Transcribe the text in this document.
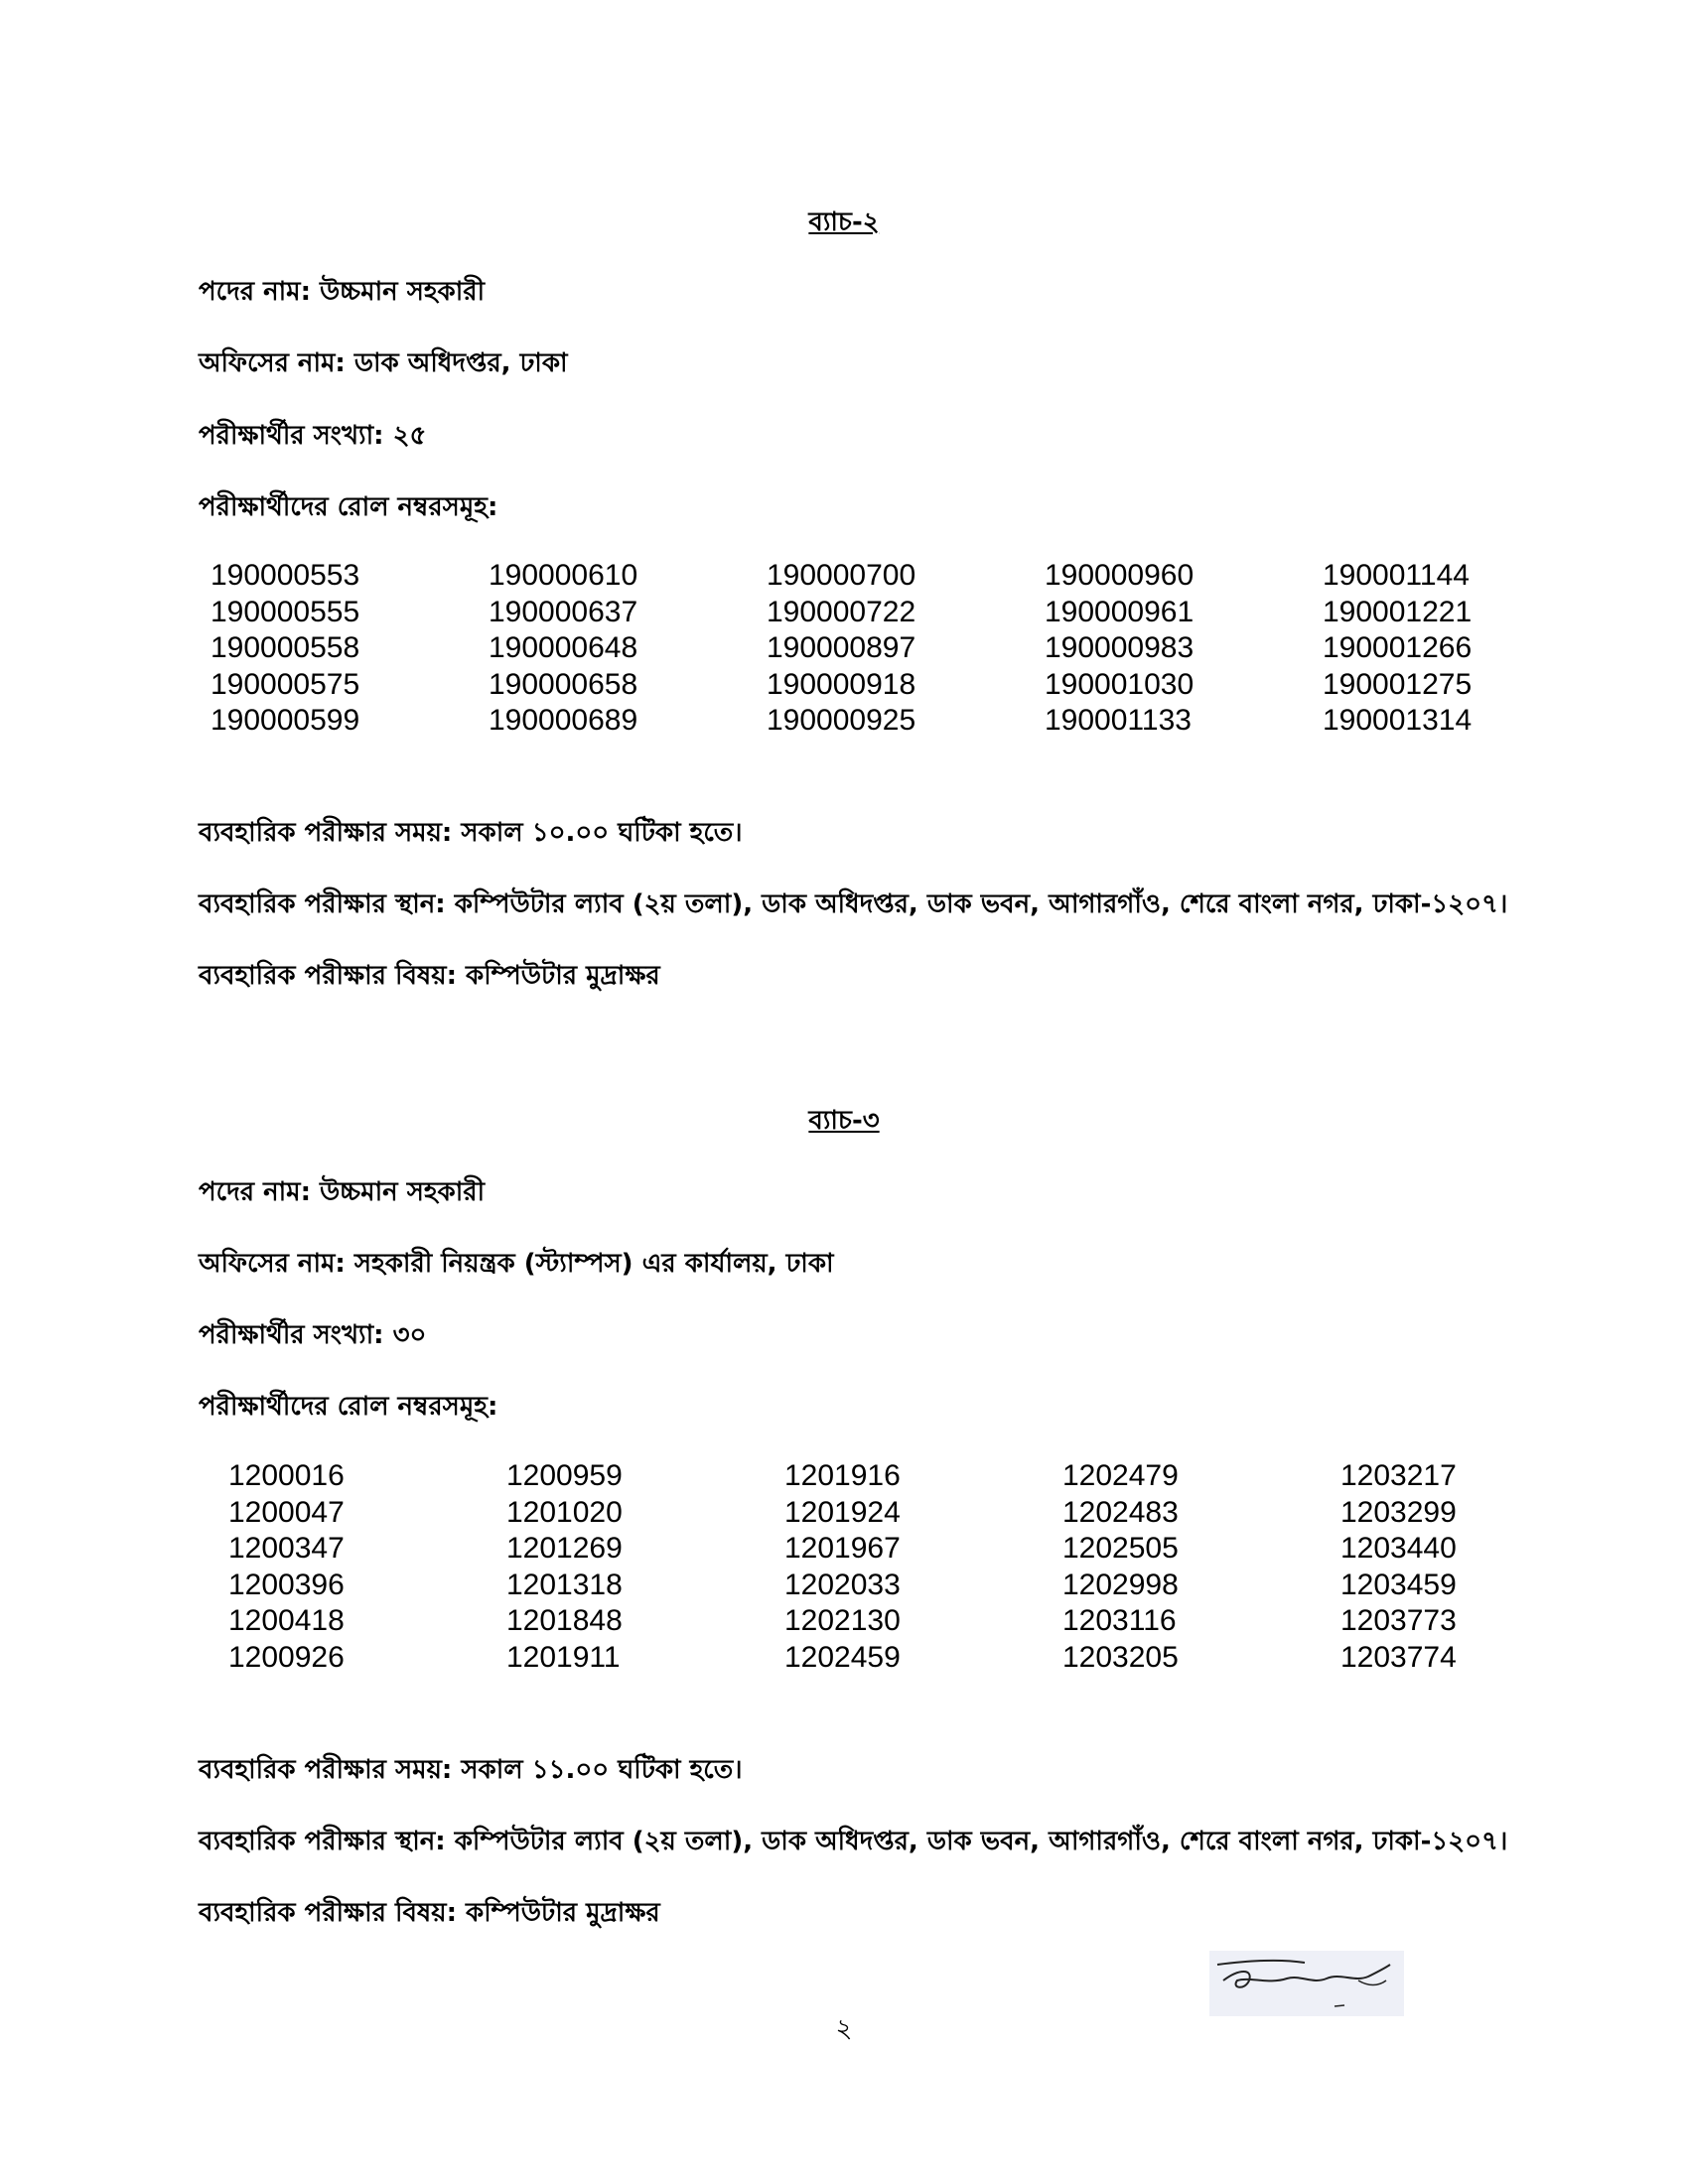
ব্যাচ-২
পদের নাম: উচ্চমান সহকারী
অফিসের নাম: ডাক অধিদপ্তর, ঢাকা
পরীক্ষার্থীর সংখ্যা: ২৫
পরীক্ষার্থীদের রোল নম্বরসমূহ:
190000553	190000610	190000700	190000960	190001144
190000555	190000637	190000722	190000961	190001221
190000558	190000648	190000897	190000983	190001266
190000575	190000658	190000918	190001030	190001275
190000599	190000689	190000925	190001133	190001314
ব্যবহারিক পরীক্ষার সময়: সকাল ১০.০০ ঘটিকা হতে।
ব্যবহারিক পরীক্ষার স্থান: কম্পিউটার ল্যাব (২য় তলা), ডাক অধিদপ্তর, ডাক ভবন, আগারগাঁও, শেরে বাংলা নগর, ঢাকা-১২০৭।
ব্যবহারিক পরীক্ষার বিষয়: কম্পিউটার মুদ্রাক্ষর
ব্যাচ-৩
পদের নাম: উচ্চমান সহকারী
অফিসের নাম: সহকারী নিয়ন্ত্রক (স্ট্যাম্পস) এর কার্যালয়, ঢাকা
পরীক্ষার্থীর সংখ্যা: ৩০
পরীক্ষার্থীদের রোল নম্বরসমূহ:
1200016	1200959	1201916	1202479	1203217
1200047	1201020	1201924	1202483	1203299
1200347	1201269	1201967	1202505	1203440
1200396	1201318	1202033	1202998	1203459
1200418	1201848	1202130	1203116	1203773
1200926	1201911	1202459	1203205	1203774
ব্যবহারিক পরীক্ষার সময়: সকাল ১১.০০ ঘটিকা হতে।
ব্যবহারিক পরীক্ষার স্থান: কম্পিউটার ল্যাব (২য় তলা), ডাক অধিদপ্তর, ডাক ভবন, আগারগাঁও, শেরে বাংলা নগর, ঢাকা-১২০৭।
ব্যবহারিক পরীক্ষার বিষয়: কম্পিউটার মুদ্রাক্ষর
২
